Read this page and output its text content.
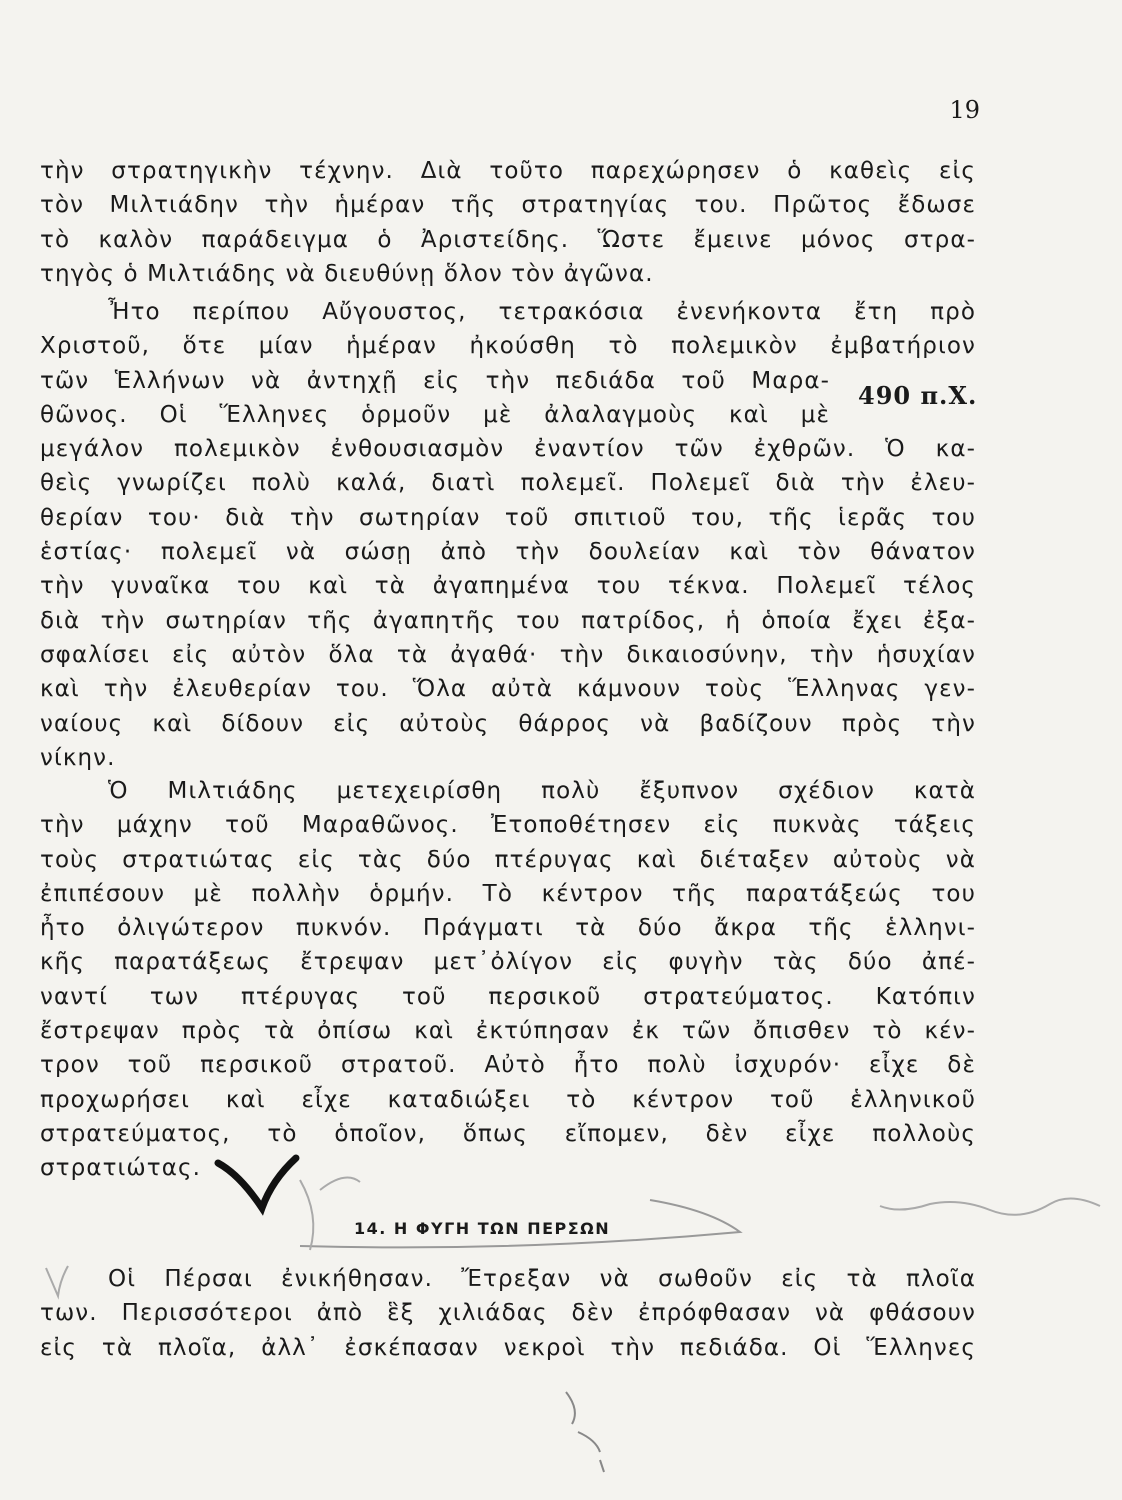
19
τὴν στρατηγικὴν τέχνην. Διὰ τοῦτο παρεχώρησεν ὁ καθεὶς εἰς
τὸν Μιλτιάδην τὴν ἡμέραν τῆς στρατηγίας του. Πρῶτος ἔδωσε
τὸ καλὸν παράδειγμα ὁ Ἀριστείδης. Ὥστε ἔμεινε μόνος στρα-
τηγὸς ὁ Μιλτιάδης νὰ διευθύνῃ ὅλον τὸν ἀγῶνα.
Ἦτο περίπου Αὔγουστος, τετρακόσια ἐνενήκοντα ἔτη πρὸ
Χριστοῦ, ὅτε μίαν ἡμέραν ἠκούσθη τὸ πολεμικὸν ἐμβατήριον
τῶν Ἑλλήνων νὰ ἀντηχῇ εἰς τὴν πεδιάδα τοῦ Μαρα-
θῶνος. Οἱ Ἕλληνες ὁρμοῦν μὲ ἀλαλαγμοὺς καὶ μὲ
μεγάλον πολεμικὸν ἐνθουσιασμὸν ἐναντίον τῶν ἐχθρῶν. Ὁ κα-
θεὶς γνωρίζει πολὺ καλά, διατὶ πολεμεῖ. Πολεμεῖ διὰ τὴν ἐλευ-
θερίαν του· διὰ τὴν σωτηρίαν τοῦ σπιτιοῦ του, τῆς ἱερᾶς του
ἑστίας· πολεμεῖ νὰ σώσῃ ἀπὸ τὴν δουλείαν καὶ τὸν θάνατον
τὴν γυναῖκα του καὶ τὰ ἀγαπημένα του τέκνα. Πολεμεῖ τέλος
διὰ τὴν σωτηρίαν τῆς ἀγαπητῆς του πατρίδος, ἡ ὁποία ἔχει ἐξα-
σφαλίσει εἰς αὐτὸν ὅλα τὰ ἀγαθά· τὴν δικαιοσύνην, τὴν ἡσυχίαν
καὶ τὴν ἐλευθερίαν του. Ὅλα αὐτὰ κάμνουν τοὺς Ἕλληνας γεν-
ναίους καὶ δίδουν εἰς αὐτοὺς θάρρος νὰ βαδίζουν πρὸς τὴν
νίκην.
490 π.Χ.
Ὁ Μιλτιάδης μετεχειρίσθη πολὺ ἔξυπνον σχέδιον κατὰ
τὴν μάχην τοῦ Μαραθῶνος. Ἐτοποθέτησεν εἰς πυκνὰς τάξεις
τοὺς στρατιώτας εἰς τὰς δύο πτέρυγας καὶ διέταξεν αὐτοὺς νὰ
ἐπιπέσουν μὲ πολλὴν ὁρμήν. Τὸ κέντρον τῆς παρατάξεώς του
ἦτο ὀλιγώτερον πυκνόν. Πράγματι τὰ δύο ἄκρα τῆς ἑλληνι-
κῆς παρατάξεως ἔτρεψαν μετ᾽ὀλίγον εἰς φυγὴν τὰς δύο ἀπέ-
ναντί των πτέρυγας τοῦ περσικοῦ στρατεύματος. Κατόπιν
ἔστρεψαν πρὸς τὰ ὀπίσω καὶ ἐκτύπησαν ἐκ τῶν ὄπισθεν τὸ κέν-
τρον τοῦ περσικοῦ στρατοῦ. Αὐτὸ ἦτο πολὺ ἰσχυρόν· εἶχε δὲ
προχωρήσει καὶ εἶχε καταδιώξει τὸ κέντρον τοῦ ἑλληνικοῦ
στρατεύματος, τὸ ὁποῖον, ὅπως εἴπομεν, δὲν εἶχε πολλοὺς
στρατιώτας.
14. Η ΦΥΓΗ ΤΩΝ ΠΕΡΣΩΝ
Οἱ Πέρσαι ἐνικήθησαν. Ἔτρεξαν νὰ σωθοῦν εἰς τὰ πλοῖα
των. Περισσότεροι ἀπὸ ἓξ χιλιάδας δὲν ἐπρόφθασαν νὰ φθάσουν
εἰς τὰ πλοῖα, ἀλλ᾽ ἐσκέπασαν νεκροὶ τὴν πεδιάδα. Οἱ Ἕλληνες
